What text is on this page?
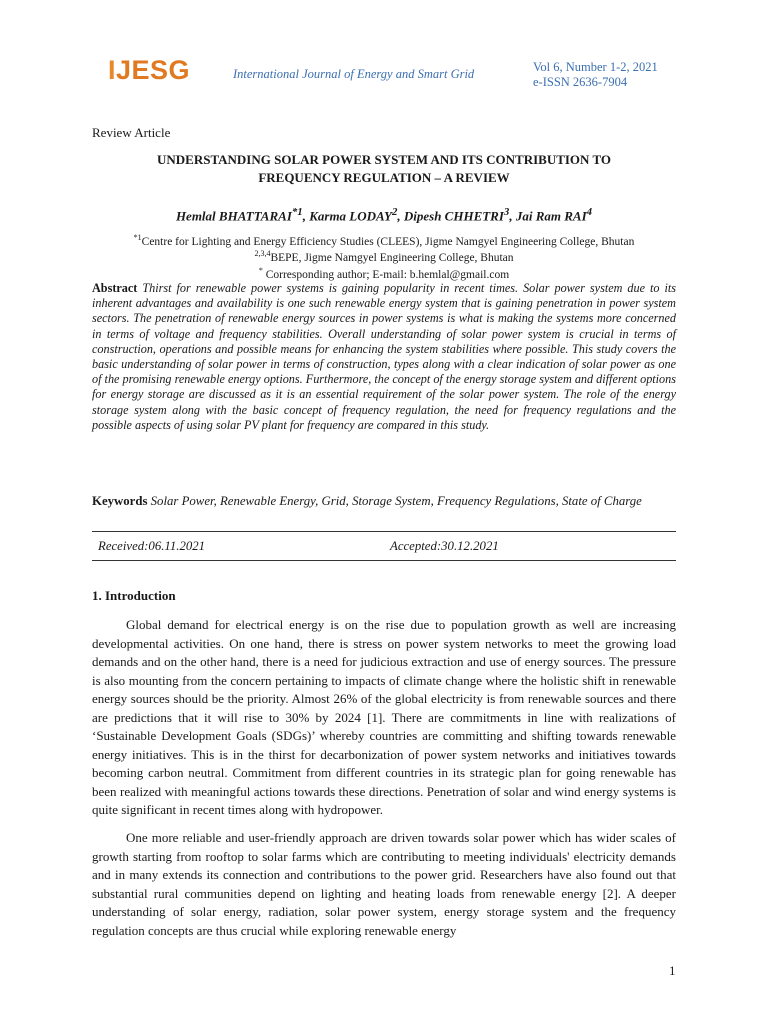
IJESG	International Journal of Energy and Smart Grid	Vol 6, Number 1-2, 2021
e-ISSN 2636-7904
Review Article
UNDERSTANDING SOLAR POWER SYSTEM AND ITS CONTRIBUTION TO
FREQUENCY REGULATION – A REVIEW
Hemlal BHATTARAI$^{*1}$, Karma LODAY$^2$, Dipesh CHHETRI$^3$, Jai Ram RAI$^4$
$^{*1}$Centre for Lighting and Energy Efficiency Studies (CLEES), Jigme Namgyel Engineering College, Bhutan
$^{2,3,4}$BEPE, Jigme Namgyel Engineering College, Bhutan
* Corresponding author; E-mail: b.hemlal@gmail.com
Abstract Thirst for renewable power systems is gaining popularity in recent times. Solar power system due to its inherent advantages and availability is one such renewable energy system that is gaining penetration in power system sectors. The penetration of renewable energy sources in power systems is what is making the systems more concerned in terms of voltage and frequency stabilities. Overall understanding of solar power system is crucial in terms of construction, operations and possible means for enhancing the system stabilities where possible. This study covers the basic understanding of solar power in terms of construction, types along with a clear indication of solar power as one of the promising renewable energy options. Furthermore, the concept of the energy storage system and different options for energy storage are discussed as it is an essential requirement of the solar power system. The role of the energy storage system along with the basic concept of frequency regulation, the need for frequency regulations and the possible aspects of using solar PV plant for frequency are compared in this study.
Keywords Solar Power, Renewable Energy, Grid, Storage System, Frequency Regulations, State of Charge
Received:06.11.2021	Accepted:30.12.2021
1. Introduction

Global demand for electrical energy is on the rise due to population growth as well are increasing developmental activities. On one hand, there is stress on power system networks to meet the growing load demands and on the other hand, there is a need for judicious extraction and use of energy sources. The pressure is also mounting from the concern pertaining to impacts of climate change where the holistic shift in renewable energy sources should be the priority. Almost 26% of the global electricity is from renewable sources and there are predictions that it will rise to 30% by 2024 [1]. There are commitments in line with realizations of ‘Sustainable Development Goals (SDGs)’ whereby countries are committing and shifting towards renewable energy initiatives. This is in the thirst for decarbonization of power system networks and initiatives towards becoming carbon neutral. Commitment from different countries in its strategic plan for going renewable has been realized with meaningful actions towards these directions. Penetration of solar and wind energy systems is quite significant in recent times along with hydropower.

One more reliable and user-friendly approach are driven towards solar power which has wider scales of growth starting from rooftop to solar farms which are contributing to meeting individuals' electricity demands and in many extends its connection and contributions to the power grid. Researchers have also found out that substantial rural communities depend on lighting and heating loads from renewable energy [2]. A deeper understanding of solar energy, radiation, solar power system, energy storage system and the frequency regulation concepts are thus crucial while exploring renewable energy

1
